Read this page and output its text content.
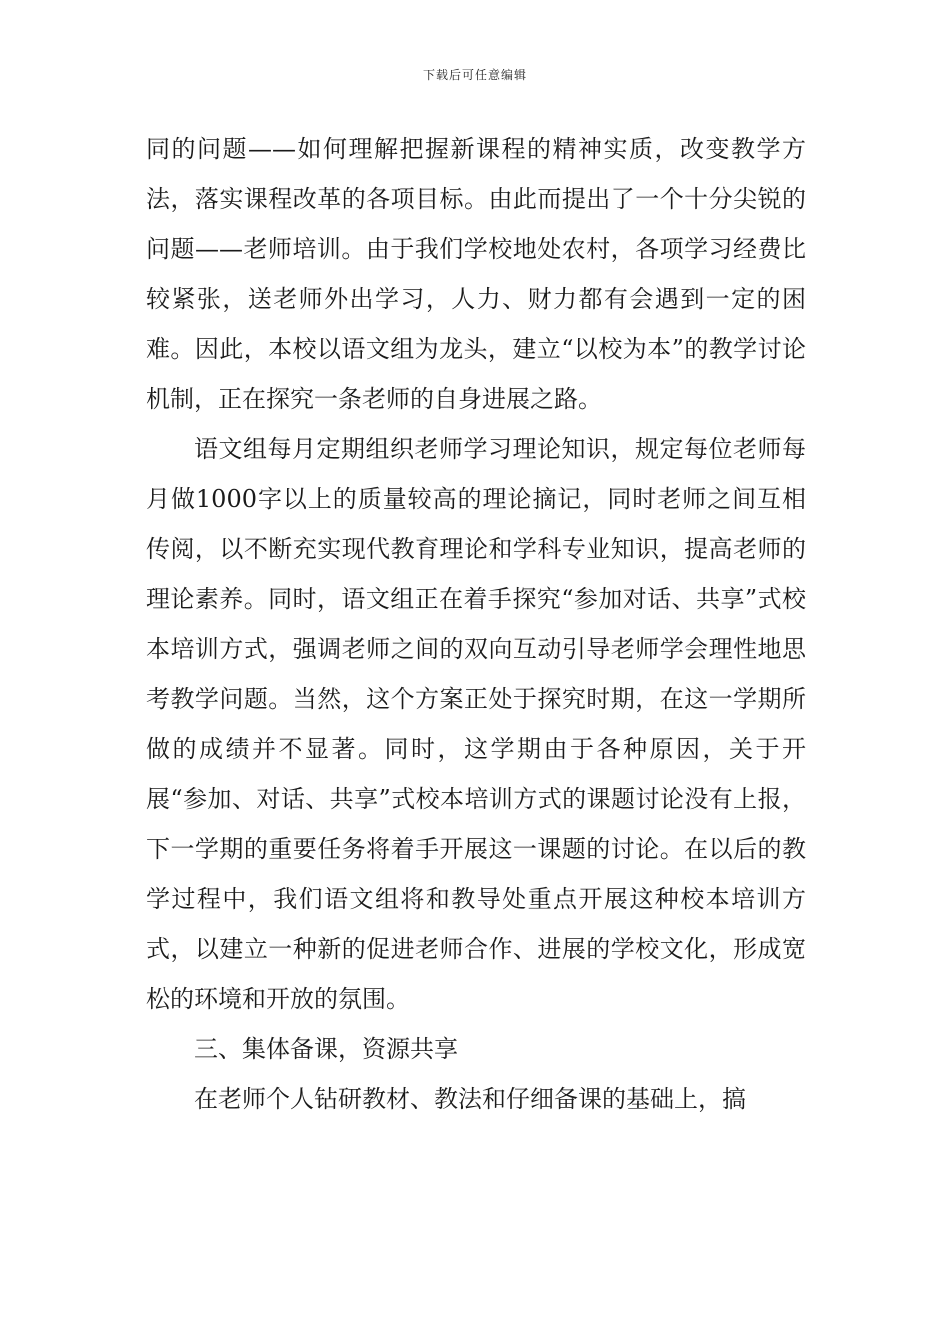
下载后可任意编辑

同的问题——如何理解把握新课程的精神实质，改变教学方法，落实课程改革的各项目标。由此而提出了一个十分尖锐的问题——老师培训。由于我们学校地处农村，各项学习经费比较紧张，送老师外出学习，人力、财力都有会遇到一定的困难。因此，本校以语文组为龙头，建立“以校为本”的教学讨论机制，正在探究一条老师的自身进展之路。

语文组每月定期组织老师学习理论知识，规定每位老师每月做1000字以上的质量较高的理论摘记，同时老师之间互相传阅，以不断充实现代教育理论和学科专业知识，提高老师的理论素养。同时，语文组正在着手探究“参加对话、共享”式校本培训方式，强调老师之间的双向互动引导老师学会理性地思考教学问题。当然，这个方案正处于探究时期，在这一学期所做的成绩并不显著。同时，这学期由于各种原因，关于开展“参加、对话、共享”式校本培训方式的课题讨论没有上报，下一学期的重要任务将着手开展这一课题的讨论。在以后的教学过程中，我们语文组将和教导处重点开展这种校本培训方式，以建立一种新的促进老师合作、进展的学校文化，形成宽松的环境和开放的氛围。

三、集体备课，资源共享

在老师个人钻研教材、教法和仔细备课的基础上，搞
